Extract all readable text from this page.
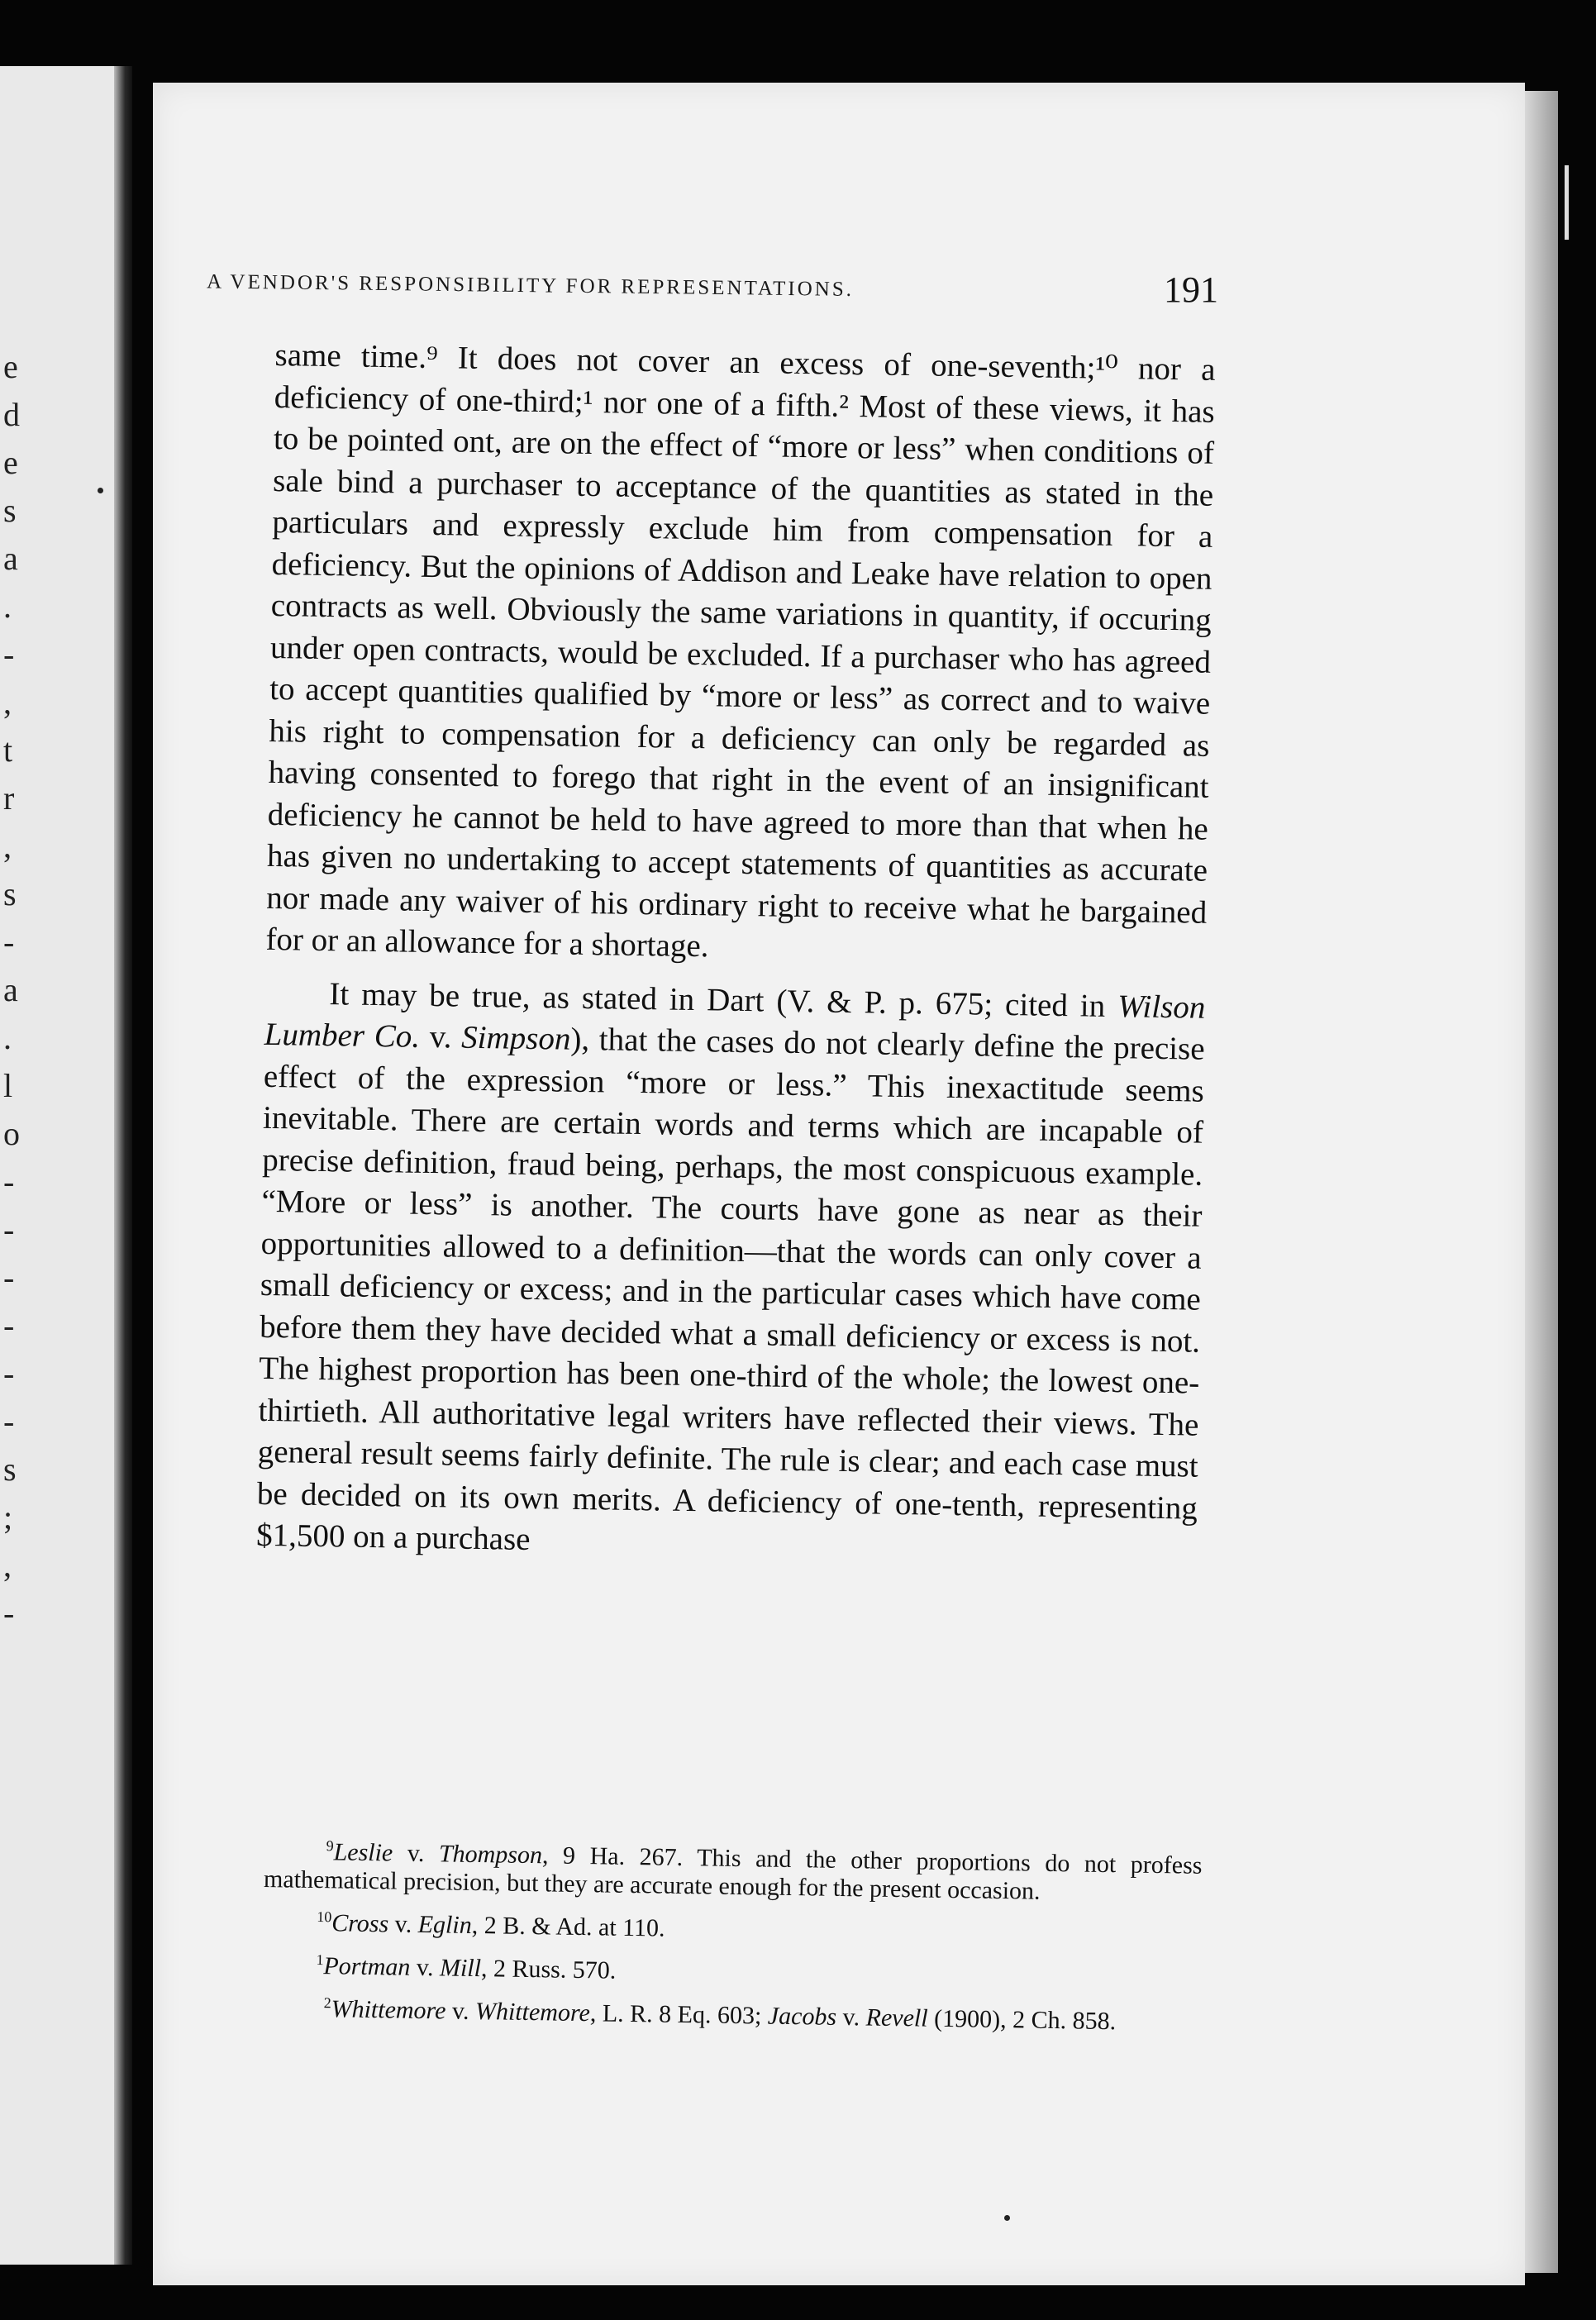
e
d
e
s
a
.
-
,
t
r
,
s
-
a
.
l
o
-
-
-
-
-
-
s
;
,
-
A VENDOR'S RESPONSIBILITY FOR REPRESENTATIONS.	191

same time.⁹ It does not cover an excess of one-seventh;¹⁰ nor a deficiency of one-third;¹ nor one of a fifth.² Most of these views, it has to be pointed ont, are on the effect of “more or less” when conditions of sale bind a purchaser to acceptance of the quantities as stated in the particulars and expressly exclude him from compensation for a deficiency. But the opinions of Addison and Leake have relation to open contracts as well. Obviously the same variations in quantity, if occuring under open contracts, would be excluded. If a purchaser who has agreed to accept quantities qualified by “more or less” as correct and to waive his right to compensation for a deficiency can only be regarded as having consented to forego that right in the event of an insignificant deficiency he cannot be held to have agreed to more than that when he has given no undertaking to accept statements of quantities as accurate nor made any waiver of his ordinary right to receive what he bargained for or an allowance for a shortage.

It may be true, as stated in Dart (V. & P. p. 675; cited in Wilson Lumber Co. v. Simpson), that the cases do not clearly define the precise effect of the expression “more or less.” This inexactitude seems inevitable. There are certain words and terms which are incapable of precise definition, fraud being, perhaps, the most conspicuous example. “More or less” is another. The courts have gone as near as their opportunities allowed to a definition—that the words can only cover a small deficiency or excess; and in the particular cases which have come before them they have decided what a small deficiency or excess is not. The highest proportion has been one-third of the whole; the lowest one-thirtieth. All authoritative legal writers have reflected their views. The general result seems fairly definite. The rule is clear; and each case must be decided on its own merits. A deficiency of one-tenth, representing $1,500 on a purchase

$^9$Leslie v. Thompson, 9 Ha. 267. This and the other proportions do not profess mathematical precision, but they are accurate enough for the present occasion.

$^{10}$Cross v. Eglin, 2 B. & Ad. at 110.

$^1$Portman v. Mill, 2 Russ. 570.

$^2$Whittemore v. Whittemore, L. R. 8 Eq. 603; Jacobs v. Revell (1900), 2 Ch. 858.
